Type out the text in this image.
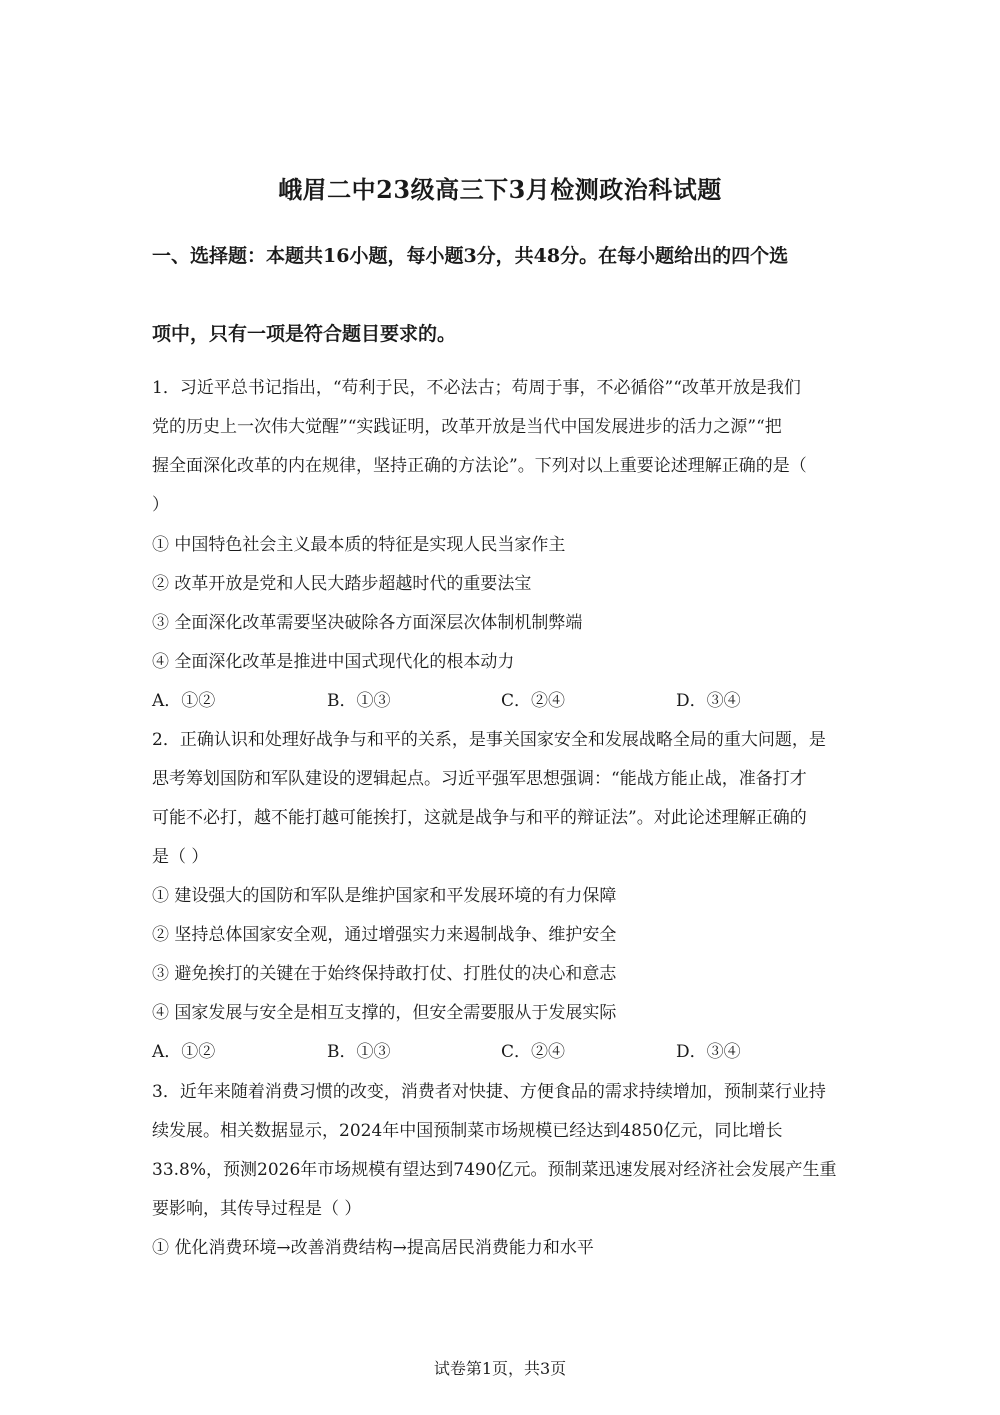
峨眉二中23级高三下3月检测政治科试题
一、选择题：本题共16小题，每小题3分，共48分。在每小题给出的四个选
项中，只有一项是符合题目要求的。
1．习近平总书记指出，“苟利于民，不必法古；苟周于事，不必循俗”“改革开放是我们
党的历史上一次伟大觉醒”“实践证明，改革开放是当代中国发展进步的活力之源”“把
握全面深化改革的内在规律，坚持正确的方法论”。下列对以上重要论述理解正确的是（
）
① 中国特色社会主义最本质的特征是实现人民当家作主
② 改革开放是党和人民大踏步超越时代的重要法宝
③ 全面深化改革需要坚决破除各方面深层次体制机制弊端
④ 全面深化改革是推进中国式现代化的根本动力
A．①②	B．①③	C．②④	D．③④
2．正确认识和处理好战争与和平的关系，是事关国家安全和发展战略全局的重大问题，是
思考筹划国防和军队建设的逻辑起点。习近平强军思想强调：“能战方能止战，准备打才
可能不必打，越不能打越可能挨打，这就是战争与和平的辩证法”。对此论述理解正确的
是（ ）
① 建设强大的国防和军队是维护国家和平发展环境的有力保障
② 坚持总体国家安全观，通过增强实力来遏制战争、维护安全
③ 避免挨打的关键在于始终保持敢打仗、打胜仗的决心和意志
④ 国家发展与安全是相互支撑的，但安全需要服从于发展实际
A．①②	B．①③	C．②④	D．③④
3．近年来随着消费习惯的改变，消费者对快捷、方便食品的需求持续增加，预制菜行业持
续发展。相关数据显示，2024年中国预制菜市场规模已经达到4850亿元，同比增长
33.8%，预测2026年市场规模有望达到7490亿元。预制菜迅速发展对经济社会发展产生重
要影响，其传导过程是（ ）
① 优化消费环境→改善消费结构→提高居民消费能力和水平
试卷第1页，共3页
